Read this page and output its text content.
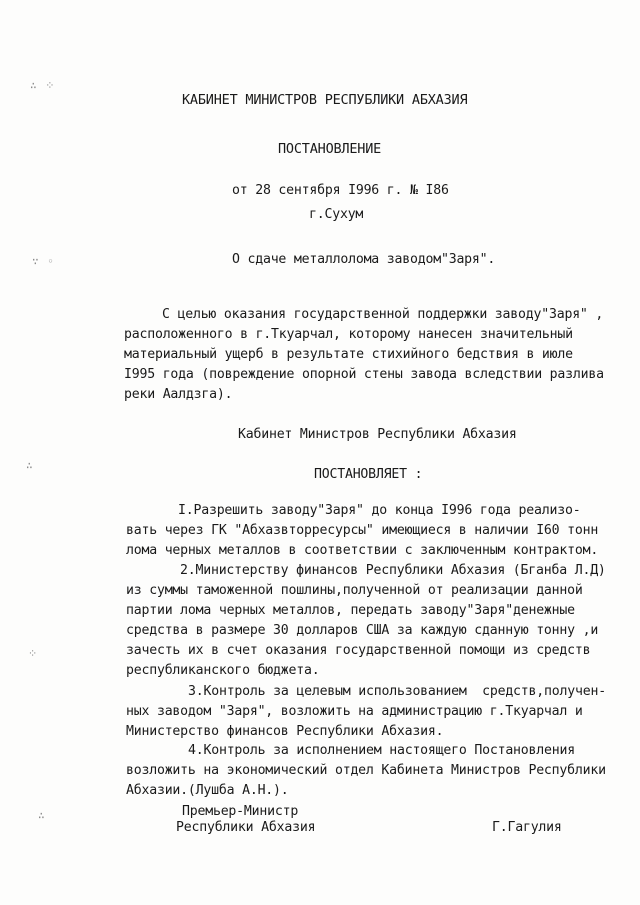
∴ ⁘
∵ ◦
∴
⁘
∴
КАБИНЕТ МИНИСТРОВ РЕСПУБЛИКИ АБХАЗИЯ
ПОСТАНОВЛЕНИЕ
от 28 сентября I996 г. № I86
г.Сухум
О сдаче металлолома заводом"Заря".
С целью оказания государственной поддержки заводу"Заря" ,
расположенного в г.Ткуарчал, которому нанесен значительный
материальный ущерб в результате стихийного бедствия в июле
I995 года (повреждение опорной стены завода вследствии разлива
реки Аалдзга).
Кабинет Министров Республики Абхазия
ПОСТАНОВЛЯЕТ :
I.Разрешить заводу"Заря" до конца I996 года реализо-
вать через ГК "Абхазвторресурсы" имеющиеся в наличии I60 тонн
лома черных металлов в соответствии с заключенным контрактом.
2.Министерству финансов Республики Абхазия (Бганба Л.Д)
из суммы таможенной пошлины,полученной от реализации данной
партии лома черных металлов, передать заводу"Заря"денежные
средства в размере 30 долларов США за каждую сданную тонну ,и
зачесть их в счет оказания государственной помощи из средств
республиканского бюджета.
3.Контроль за целевым использованием  средств,получен-
ных заводом "Заря", возложить на администрацию г.Ткуарчал и
Министерство финансов Республики Абхазия.
4.Контроль за исполнением настоящего Постановления
возложить на экономический отдел Кабинета Министров Республики
Абхазии.(Лушба А.Н.).
Премьер-Министр
Республики Абхазия	Г.Гагулия
